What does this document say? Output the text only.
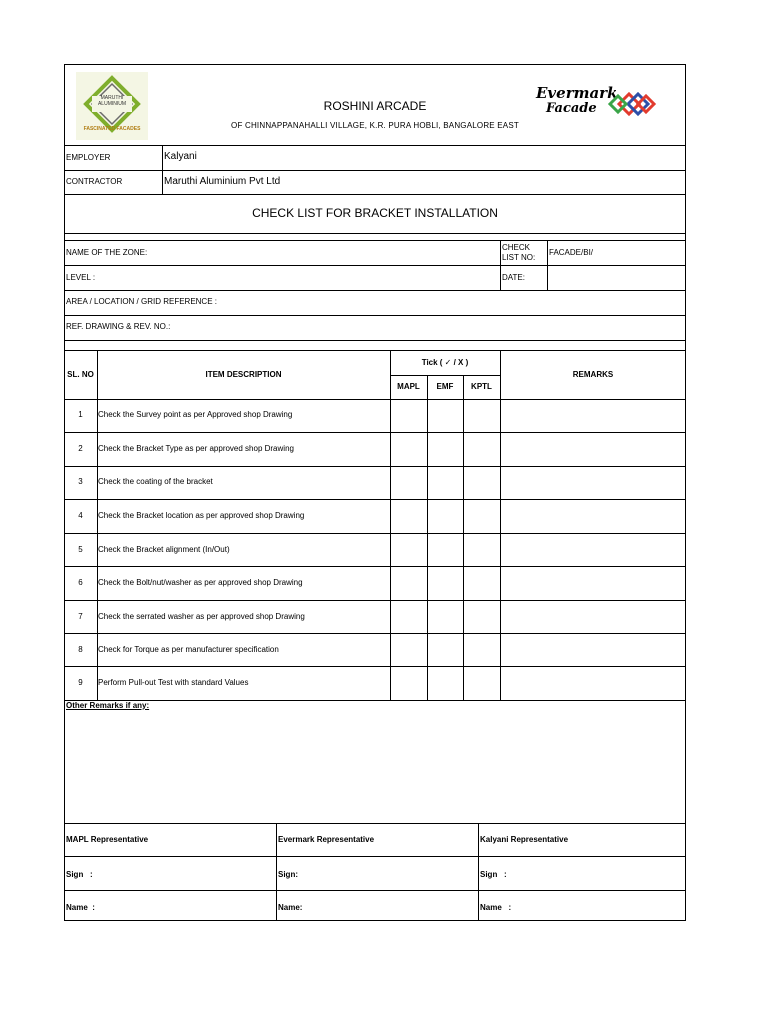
MARUTHI
ALUMINIUM
FASCINATED FACADES
ROSHINI ARCADE
OF CHINNAPPANAHALLI VILLAGE, K.R. PURA HOBLI, BANGALORE EAST
Evermark
Facade
EMPLOYER	Kalyani
CONTRACTOR	Maruthi Aluminium Pvt Ltd
CHECK LIST FOR BRACKET INSTALLATION
NAME OF THE ZONE:
CHECK
LIST NO:
FACADE/BI/
LEVEL :	DATE:
AREA / LOCATION / GRID REFERENCE :
REF. DRAWING & REV. NO.:
SL. NO	ITEM DESCRIPTION
Tick ( ✓ / X )
MAPL	EMF	KPTL
REMARKS
1	Check the Survey point as per Approved shop Drawing
2	Check the Bracket Type as per approved shop Drawing
3	Check the coating of the bracket
4	Check the Bracket location as per approved shop Drawing
5	Check the Bracket alignment (In/Out)
6	Check the Bolt/nut/washer as per approved shop Drawing
7	Check the serrated washer as per approved shop Drawing
8	Check for Torque as per manufacturer specification
9	Perform Pull-out Test with standard Values
Other Remarks if any:
MAPL Representative	Evermark Representative	Kalyani Representative
Sign   :	Sign:	Sign   :
Name  :	Name:	Name   :
